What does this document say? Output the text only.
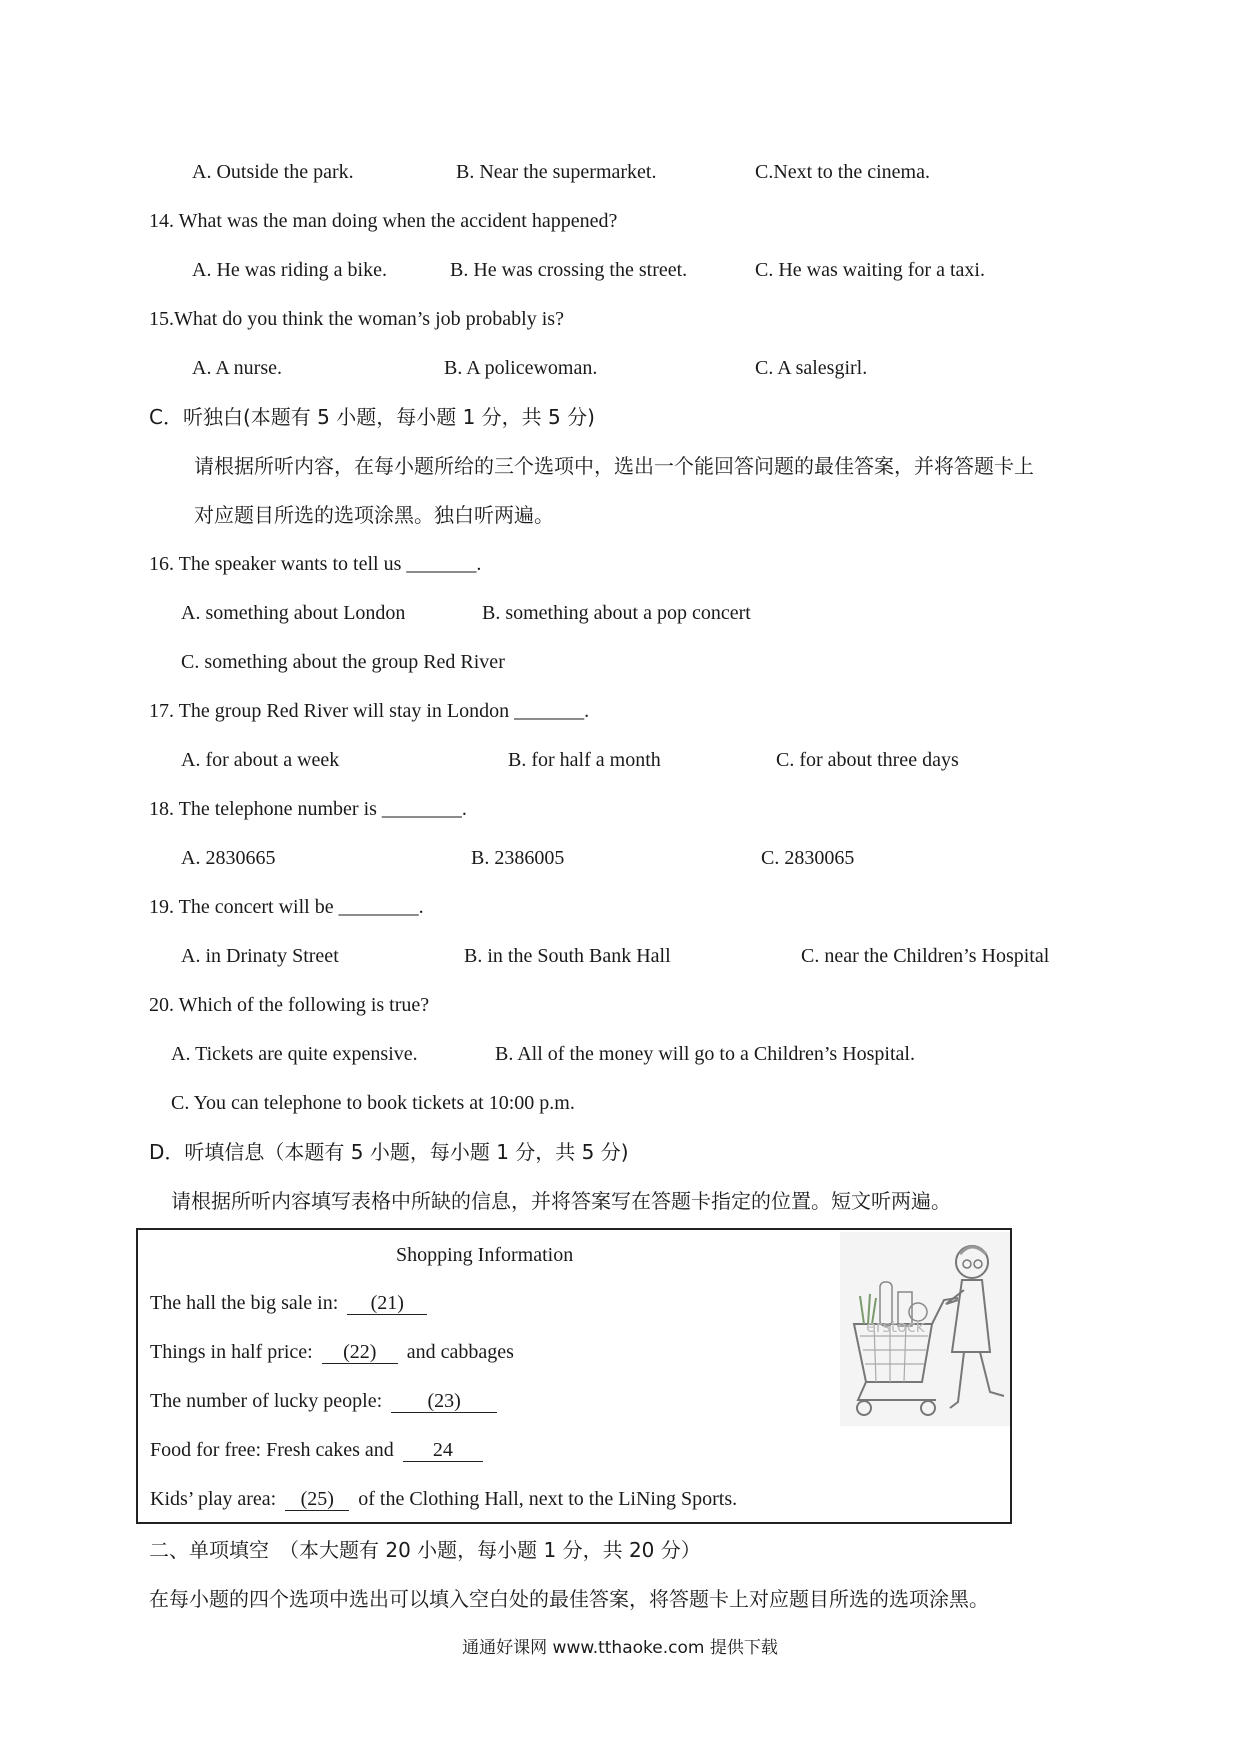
A. Outside the park.	B. Near the supermarket.	C.Next to the cinema.
14. What was the man doing when the accident happened?
A. He was riding a bike.	B. He was crossing the street.	C. He was waiting for a taxi.
15.What do you think the woman’s job probably is?
A. A nurse.	B. A policewoman.	C. A salesgirl.
C．听独白(本题有 5 小题，每小题 1 分，共 5 分)
请根据所听内容，在每小题所给的三个选项中，选出一个能回答问题的最佳答案，并将答题卡上
对应题目所选的选项涂黑。独白听两遍。
16. The speaker wants to tell us _______.
A. something about London	B. something about a pop concert
C. something about the group Red River
17. The group Red River will stay in London _______.
A. for about a week	B. for half a month	C. for about three days
18. The telephone number is ________.
A. 2830665	B. 2386005	C. 2830065
19. The concert will be ________.
A. in Drinaty Street	B. in the South Bank Hall	C. near the Children’s Hospital
20. Which of the following is true?
A. Tickets are quite expensive.	B. All of the money will go to a Children’s Hospital.
C. You can telephone to book tickets at 10:00 p.m.
D．听填信息（本题有 5 小题，每小题 1 分，共 5 分)
请根据所听内容填写表格中所缺的信息，并将答案写在答题卡指定的位置。短文听两遍。
Shopping Information
The hall the big sale in: (21)
Things in half price: (22) and cabbages
The number of lucky people: (23)
Food for free: Fresh cakes and 24
Kids’ play area: (25) of the Clothing Hall, next to the LiNing Sports.
erstock
二、单项填空　（本大题有 20 小题，每小题 1 分，共 20 分）
在每小题的四个选项中选出可以填入空白处的最佳答案，将答题卡上对应题目所选的选项涂黑。
通通好课网 www.tthaoke.com 提供下载
